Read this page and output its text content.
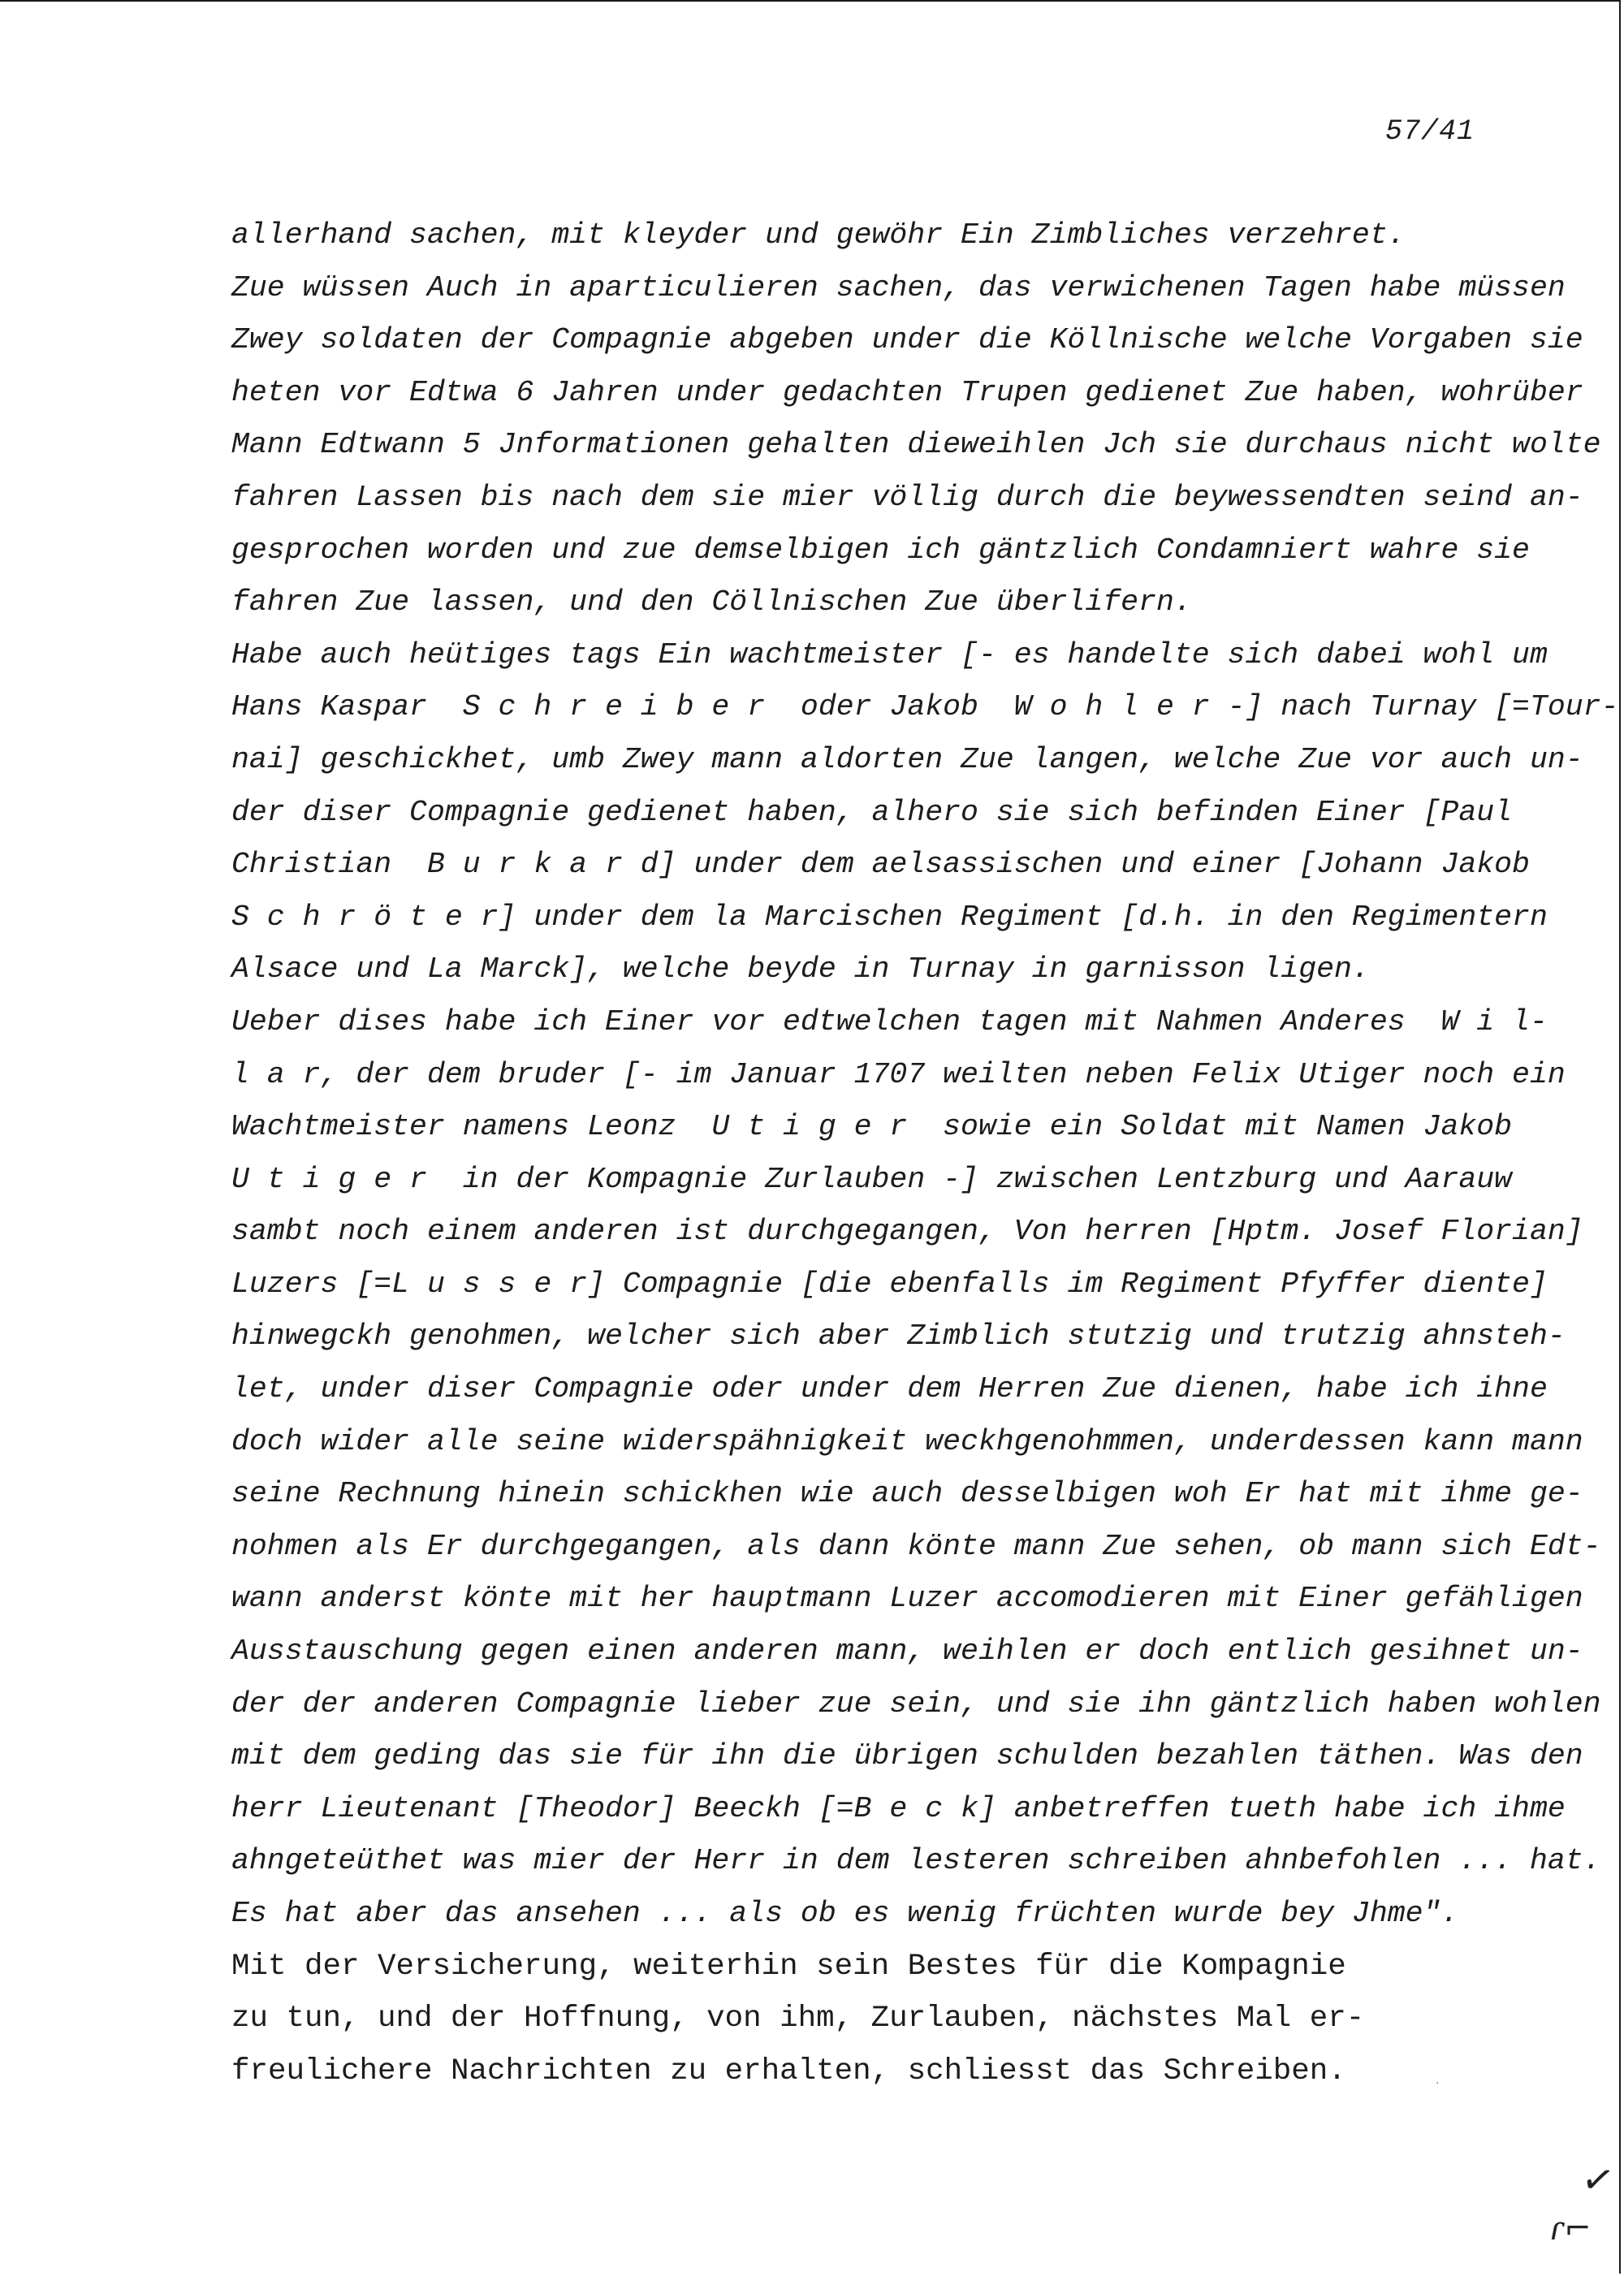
57/41
allerhand sachen, mit kleyder und gewöhr Ein Zimbliches verzehret.
Zue wüssen Auch in aparticulieren sachen, das verwichenen Tagen habe müssen
Zwey soldaten der Compagnie abgeben under die Köllnische welche Vorgaben sie
heten vor Edtwa 6 Jahren under gedachten Trupen gedienet Zue haben, wohrüber
Mann Edtwann 5 Jnformationen gehalten dieweihlen Jch sie durchaus nicht wolte
fahren Lassen bis nach dem sie mier völlig durch die beywessendten seind an-
gesprochen worden und zue demselbigen ich gäntzlich Condamniert wahre sie
fahren Zue lassen, und den Cöllnischen Zue überlifern.
Habe auch heütiges tags Ein wachtmeister [- es handelte sich dabei wohl um
Hans Kaspar  S c h r e i b e r  oder Jakob  W o h l e r -] nach Turnay [=Tour-
nai] geschickhet, umb Zwey mann aldorten Zue langen, welche Zue vor auch un-
der diser Compagnie gedienet haben, alhero sie sich befinden Einer [Paul
Christian  B u r k a r d] under dem aelsassischen und einer [Johann Jakob
S c h r ö t e r] under dem la Marcischen Regiment [d.h. in den Regimentern
Alsace und La Marck], welche beyde in Turnay in garnisson ligen.
Ueber dises habe ich Einer vor edtwelchen tagen mit Nahmen Anderes  W i l-
l a r, der dem bruder [- im Januar 1707 weilten neben Felix Utiger noch ein
Wachtmeister namens Leonz  U t i g e r  sowie ein Soldat mit Namen Jakob
U t i g e r  in der Kompagnie Zurlauben -] zwischen Lentzburg und Aarauw
sambt noch einem anderen ist durchgegangen, Von herren [Hptm. Josef Florian]
Luzers [=L u s s e r] Compagnie [die ebenfalls im Regiment Pfyffer diente]
hinwegckh genohmen, welcher sich aber Zimblich stutzig und trutzig ahnsteh-
let, under diser Compagnie oder under dem Herren Zue dienen, habe ich ihne
doch wider alle seine widerspähnigkeit weckhgenohmmen, underdessen kann mann
seine Rechnung hinein schickhen wie auch desselbigen woh Er hat mit ihme ge-
nohmen als Er durchgegangen, als dann könte mann Zue sehen, ob mann sich Edt-
wann anderst könte mit her hauptmann Luzer accomodieren mit Einer gefähligen
Ausstauschung gegen einen anderen mann, weihlen er doch entlich gesihnet un-
der der anderen Compagnie lieber zue sein, und sie ihn gäntzlich haben wohlen
mit dem geding das sie für ihn die übrigen schulden bezahlen täthen. Was den
herr Lieutenant [Theodor] Beeckh [=B e c k] anbetreffen tueth habe ich ihme
ahngeteüthet was mier der Herr in dem lesteren schreiben ahnbefohlen ... hat.
Es hat aber das ansehen ... als ob es wenig früchten wurde bey Jhme".
Mit der Versicherung, weiterhin sein Bestes für die Kompagnie
zu tun, und der Hoffnung, von ihm, Zurlauben, nächstes Mal er-
freulichere Nachrichten zu erhalten, schliesst das Schreiben.	·
✓
ɾ⌐
